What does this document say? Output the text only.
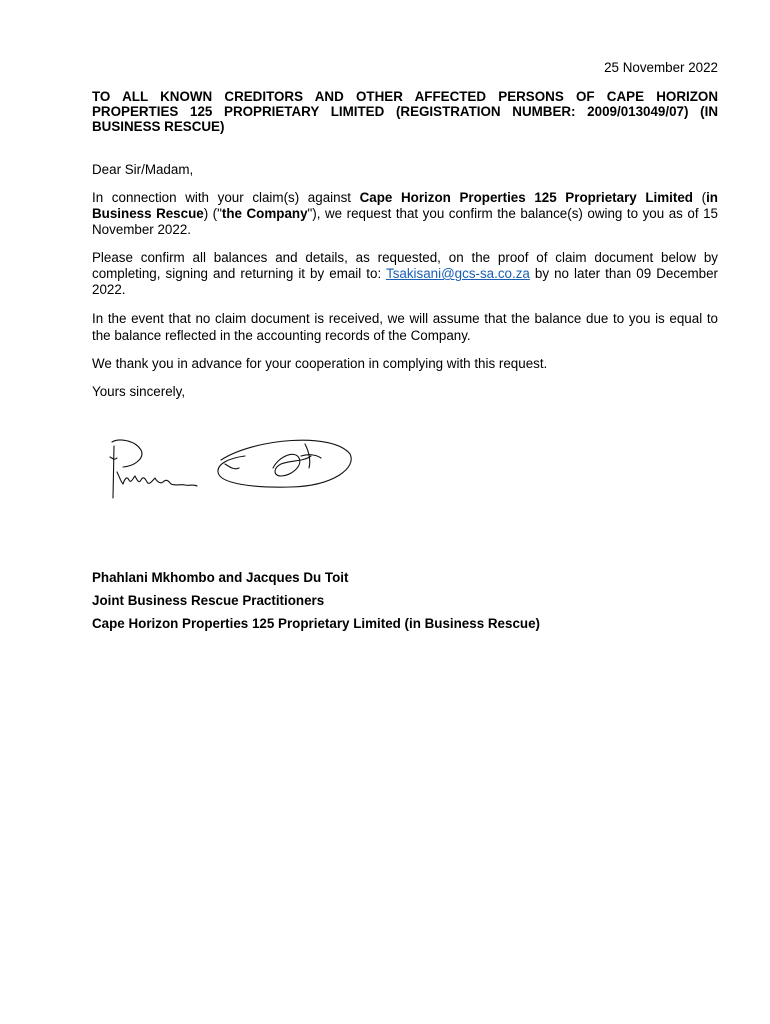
25 November 2022
TO ALL KNOWN CREDITORS AND OTHER AFFECTED PERSONS OF CAPE HORIZON PROPERTIES 125 PROPRIETARY LIMITED (REGISTRATION NUMBER: 2009/013049/07) (IN BUSINESS RESCUE)

Dear Sir/Madam,

In connection with your claim(s) against Cape Horizon Properties 125 Proprietary Limited (in Business Rescue) ("the Company"), we request that you confirm the balance(s) owing to you as of 15 November 2022.

Please confirm all balances and details, as requested, on the proof of claim document below by completing, signing and returning it by email to: Tsakisani@gcs-sa.co.za by no later than 09 December 2022.

In the event that no claim document is received, we will assume that the balance due to you is equal to the balance reflected in the accounting records of the Company.

We thank you in advance for your cooperation in complying with this request.

Yours sincerely,

Phahlani Mkhombo and Jacques Du Toit
Joint Business Rescue Practitioners
Cape Horizon Properties 125 Proprietary Limited (in Business Rescue)
